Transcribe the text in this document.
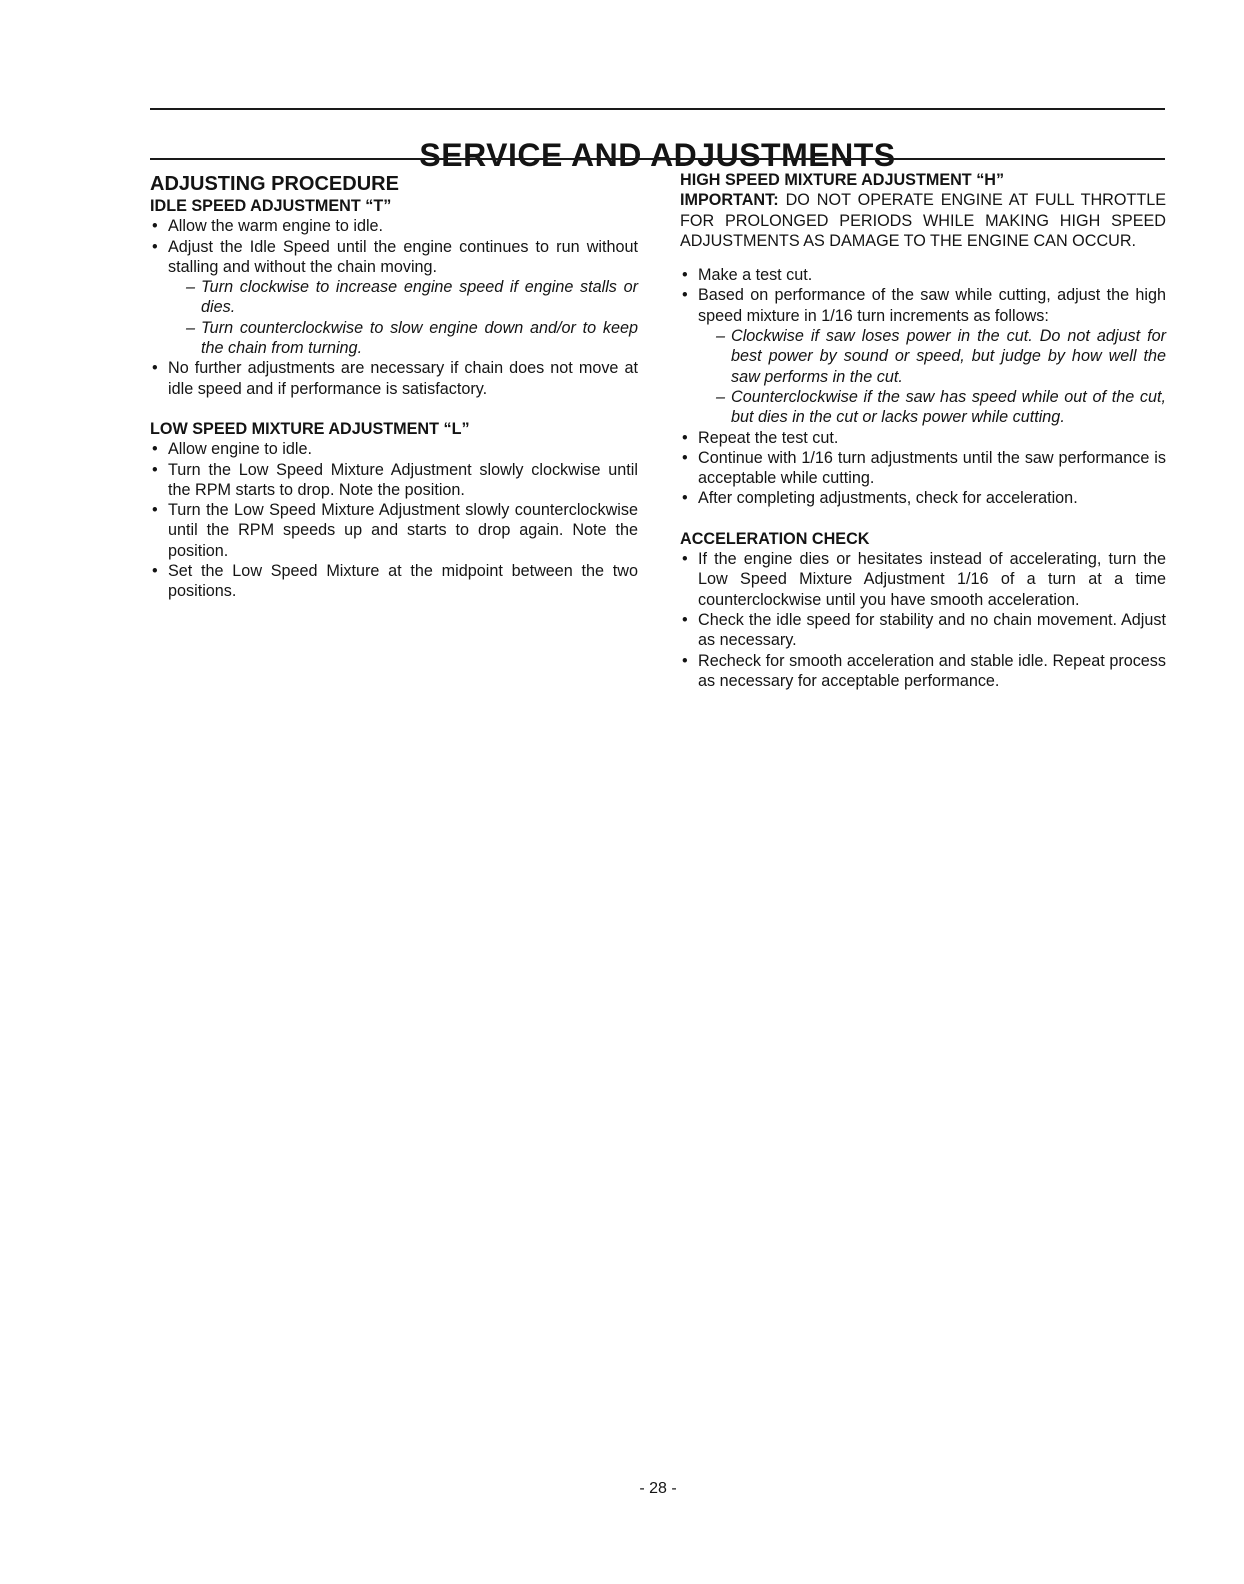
SERVICE AND ADJUSTMENTS
ADJUSTING PROCEDURE
IDLE SPEED ADJUSTMENT “T”
• Allow the warm engine to idle.
• Adjust the Idle Speed until the engine continues to run without stalling and without the chain moving.
– Turn clockwise to increase engine speed if engine stalls or dies.
– Turn counterclockwise to slow engine down and/or to keep the chain from turning.
• No further adjustments are necessary if chain does not move at idle speed and if performance is satisfactory.
LOW SPEED MIXTURE ADJUSTMENT “L”
• Allow engine to idle.
• Turn the Low Speed Mixture Adjustment slowly clockwise until the RPM starts to drop. Note the position.
• Turn the Low Speed Mixture Adjustment slowly counterclockwise until the RPM speeds up and starts to drop again. Note the position.
• Set the Low Speed Mixture at the midpoint between the two positions.
HIGH SPEED MIXTURE ADJUSTMENT “H”

IMPORTANT: DO NOT OPERATE ENGINE AT FULL THROTTLE FOR PROLONGED PERIODS WHILE MAKING HIGH SPEED ADJUSTMENTS AS DAMAGE TO THE ENGINE CAN OCCUR.

• Make a test cut.
• Based on performance of the saw while cutting, adjust the high speed mixture in 1/16 turn increments as follows:
– Clockwise if saw loses power in the cut. Do not adjust for best power by sound or speed, but judge by how well the saw performs in the cut.
– Counterclockwise if the saw has speed while out of the cut, but dies in the cut or lacks power while cutting.
• Repeat the test cut.
• Continue with 1/16 turn adjustments until the saw performance is acceptable while cutting.
• After completing adjustments, check for acceleration.
ACCELERATION CHECK
• If the engine dies or hesitates instead of accelerating, turn the Low Speed Mixture Adjustment 1/16 of a turn at a time counterclockwise until you have smooth acceleration.
• Check the idle speed for stability and no chain movement. Adjust as necessary.
• Recheck for smooth acceleration and stable idle. Repeat process as necessary for acceptable performance.
- 28 -
